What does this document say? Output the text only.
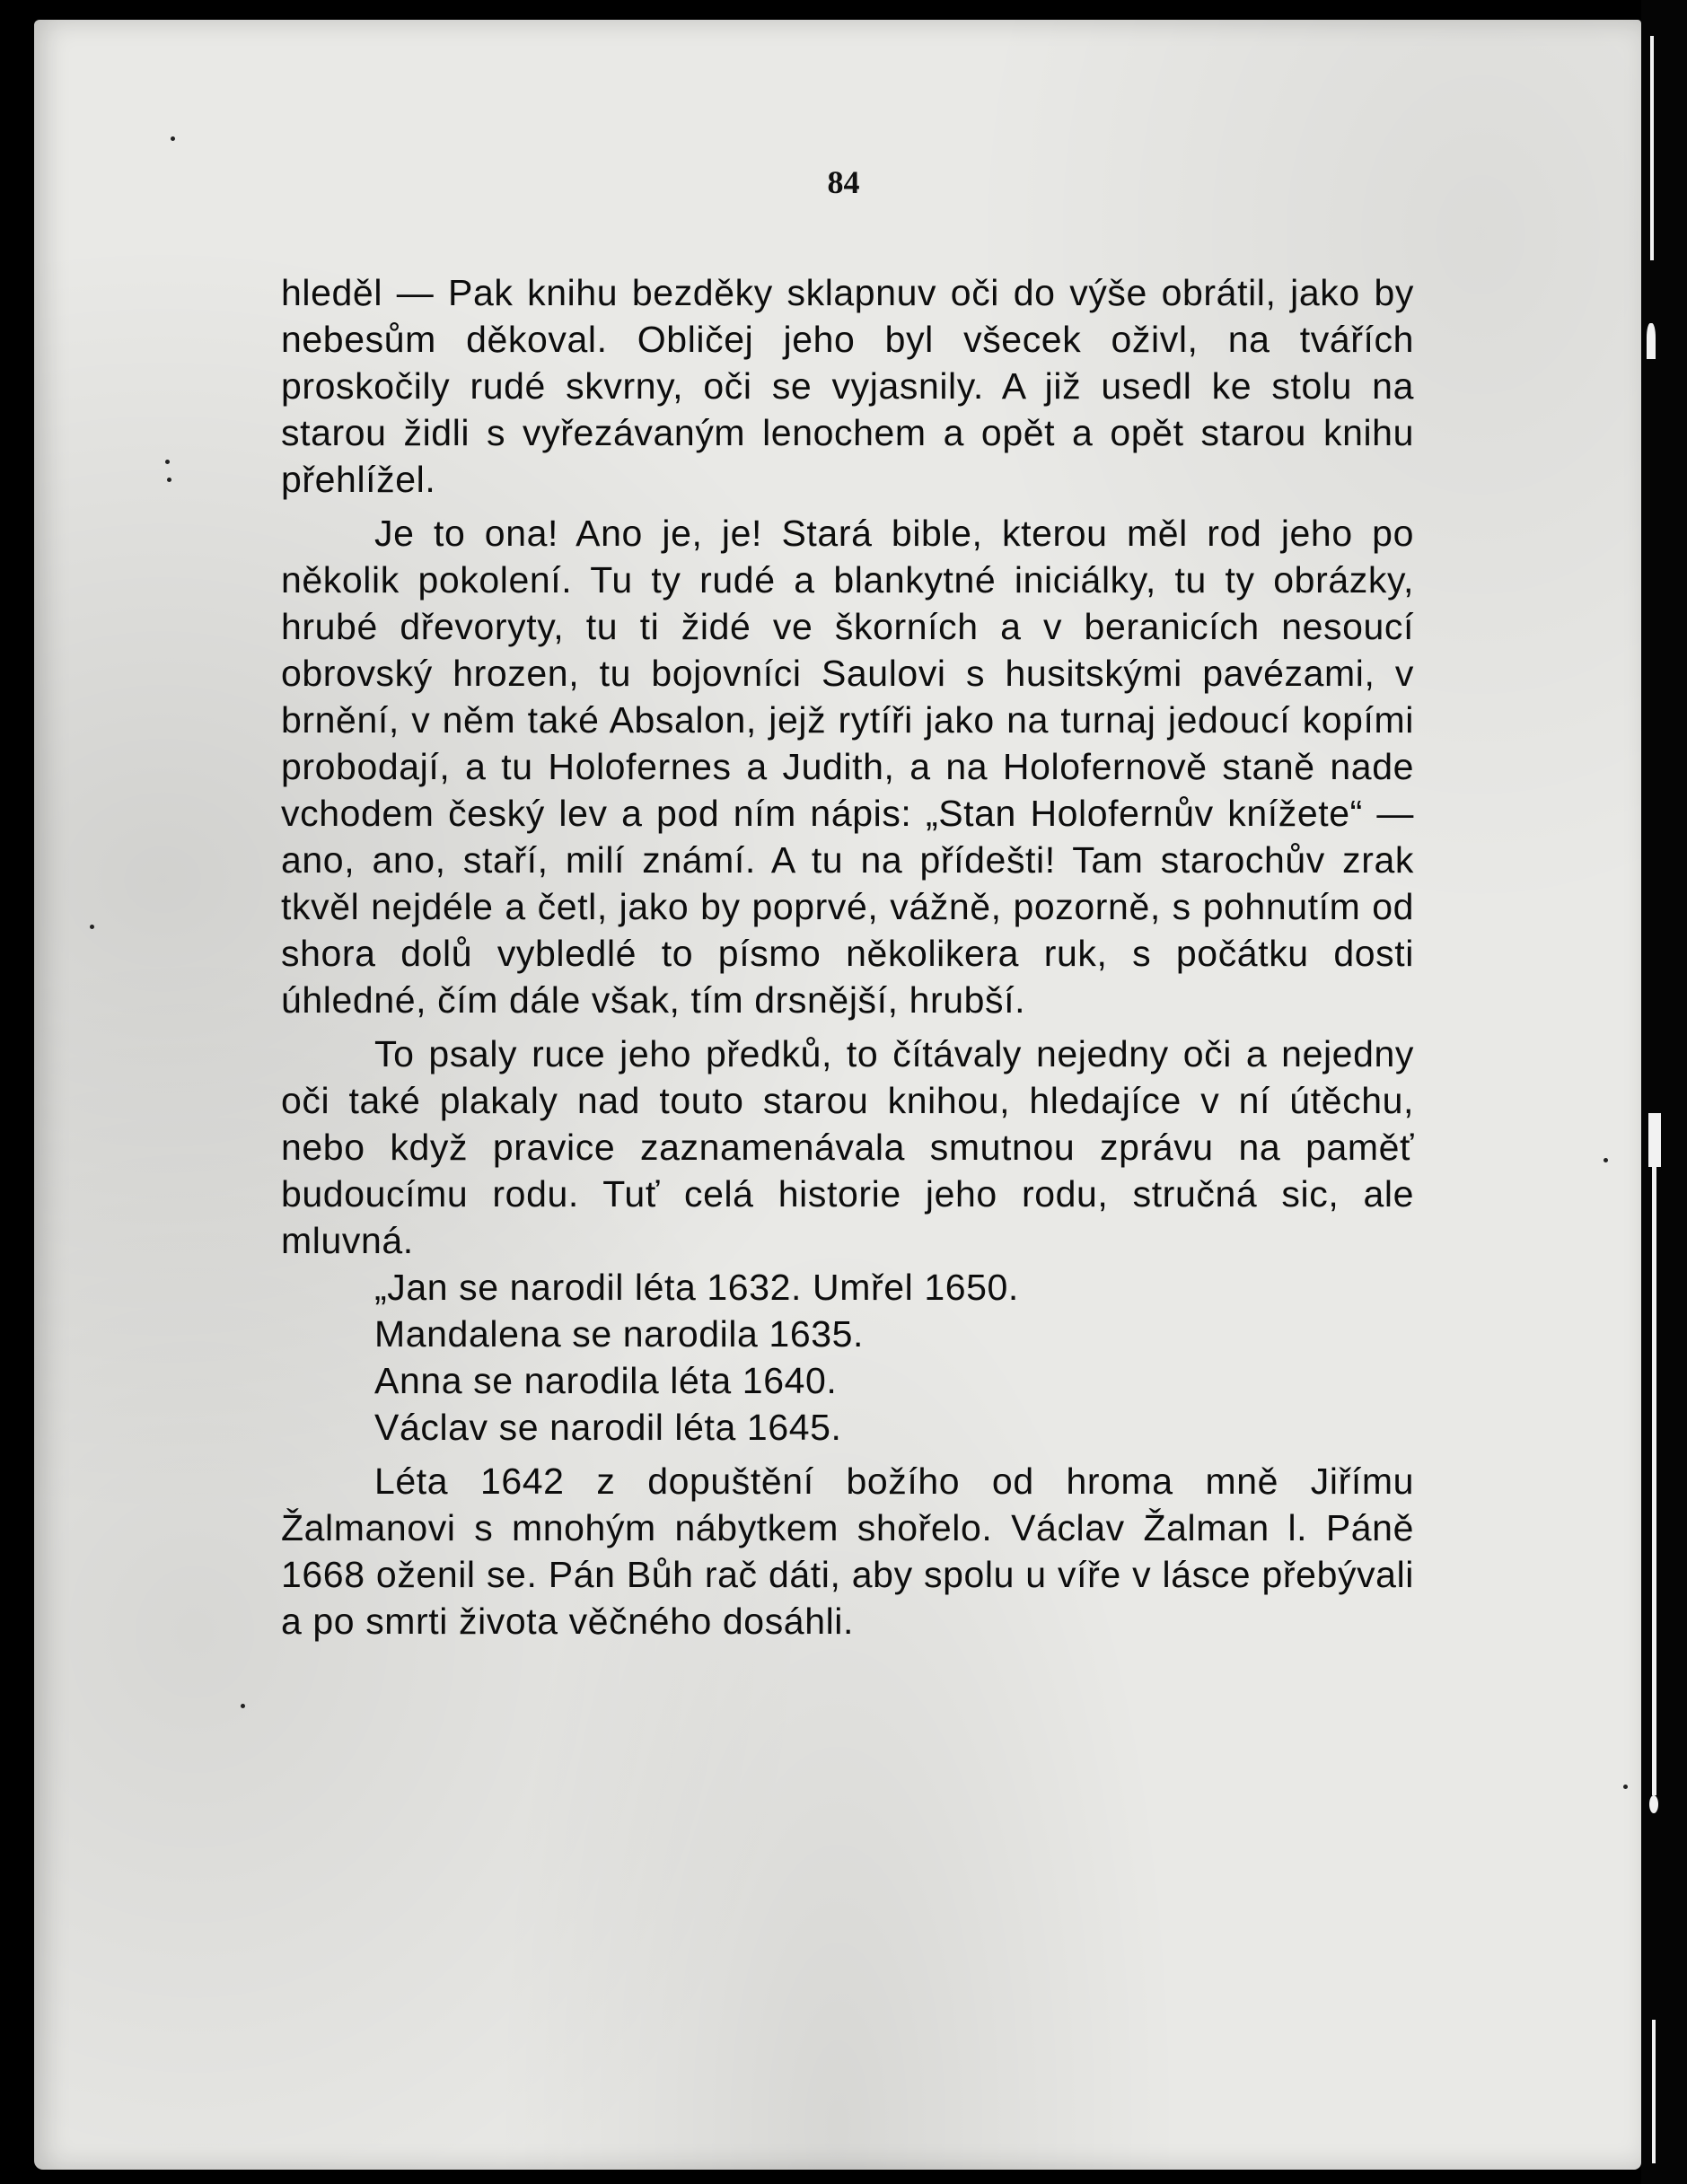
84

hleděl — Pak knihu bezděky sklapnuv oči do výše obrátil, jako by nebesům děkoval. Obličej jeho byl všecek oživl, na tvářích proskočily rudé skvrny, oči se vyjasnily. A již usedl ke stolu na starou židli s vyřezávaným lenochem a opět a opět starou knihu přehlížel.

Je to ona! Ano je, je! Stará bible, kterou měl rod jeho po několik pokolení. Tu ty rudé a blankytné iniciálky, tu ty obrázky, hrubé dřevoryty, tu ti židé ve škorních a v beranicích nesoucí obrovský hrozen, tu bojovníci Saulovi s husitskými pavézami, v brnění, v něm také Absalon, jejž rytíři jako na turnaj jedoucí kopími probodají, a tu Holofernes a Judith, a na Holofernově staně nade vchodem český lev a pod ním nápis: „Stan Holofernův knížete“ — ano, ano, staří, milí známí. A tu na přídešti! Tam starochův zrak tkvěl nejdéle a četl, jako by poprvé, vážně, pozorně, s pohnutím od shora dolů vybledlé to písmo několikera ruk, s počátku dosti úhledné, čím dále však, tím drsnější, hrubší.

To psaly ruce jeho předků, to čítávaly nejedny oči a nejedny oči také plakaly nad touto starou knihou, hledajíce v ní útěchu, nebo když pravice zaznamenávala smutnou zprávu na paměť budoucímu rodu. Tuť celá historie jeho rodu, stručná sic, ale mluvná.

„Jan se narodil léta 1632. Umřel 1650.

Mandalena se narodila 1635.

Anna se narodila léta 1640.

Václav se narodil léta 1645.

Léta 1642 z dopuštění božího od hroma mně Jiřímu Žalmanovi s mnohým nábytkem shořelo. Václav Žalman l. Páně 1668 oženil se. Pán Bůh rač dáti, aby spolu u víře v lásce přebývali a po smrti života věčného dosáhli.
